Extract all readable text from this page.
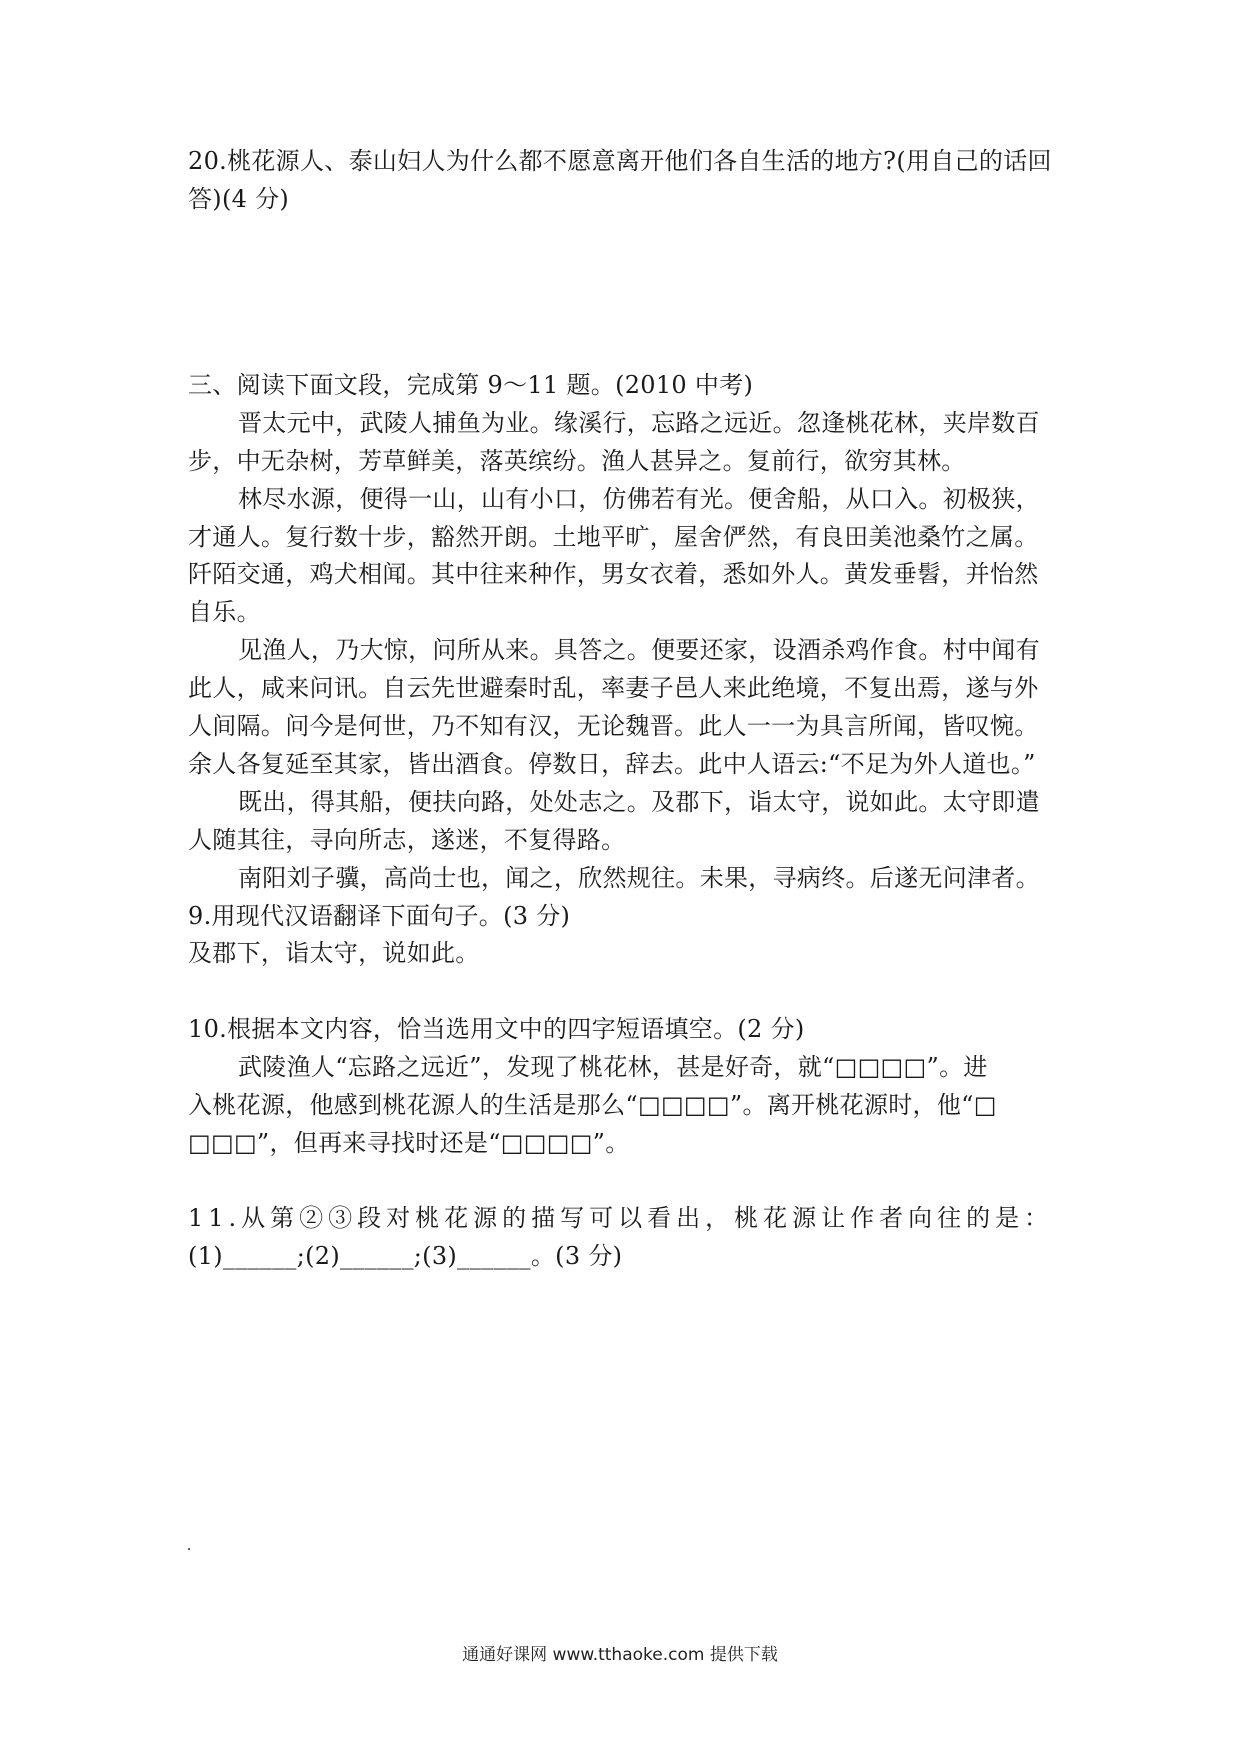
20.桃花源人、泰山妇人为什么都不愿意离开他们各自生活的地方?(用自己的话回
答)(4 分)
三、阅读下面文段，完成第 9～11 题。(2010 中考)
晋太元中，武陵人捕鱼为业。缘溪行，忘路之远近。忽逢桃花林，夹岸数百
步，中无杂树，芳草鲜美，落英缤纷。渔人甚异之。复前行，欲穷其林。
林尽水源，便得一山，山有小口，仿佛若有光。便舍船，从口入。初极狭，
才通人。复行数十步，豁然开朗。土地平旷，屋舍俨然，有良田美池桑竹之属。
阡陌交通，鸡犬相闻。其中往来种作，男女衣着，悉如外人。黄发垂髫，并怡然
自乐。
见渔人，乃大惊，问所从来。具答之。便要还家，设酒杀鸡作食。村中闻有
此人，咸来问讯。自云先世避秦时乱，率妻子邑人来此绝境，不复出焉，遂与外
人间隔。问今是何世，乃不知有汉，无论魏晋。此人一一为具言所闻，皆叹惋。
余人各复延至其家，皆出酒食。停数日，辞去。此中人语云:“不足为外人道也。”
既出，得其船，便扶向路，处处志之。及郡下，诣太守，说如此。太守即遣
人随其往，寻向所志，遂迷，不复得路。
南阳刘子骥，高尚士也，闻之，欣然规往。未果，寻病终。后遂无问津者。
9.用现代汉语翻译下面句子。(3 分)
及郡下，诣太守，说如此。
10.根据本文内容，恰当选用文中的四字短语填空。(2 分)
武陵渔人“忘路之远近”，发现了桃花林，甚是好奇，就“□□□□”。进
入桃花源，他感到桃花源人的生活是那么“□□□□”。离开桃花源时，他“□
□□□”，但再来寻找时还是“□□□□”。
11.从第②③段对桃花源的描写可以看出，桃花源让作者向往的是：
(1)______;(2)______;(3)______。(3 分)
通通好课网 www.tthaoke.com 提供下载
